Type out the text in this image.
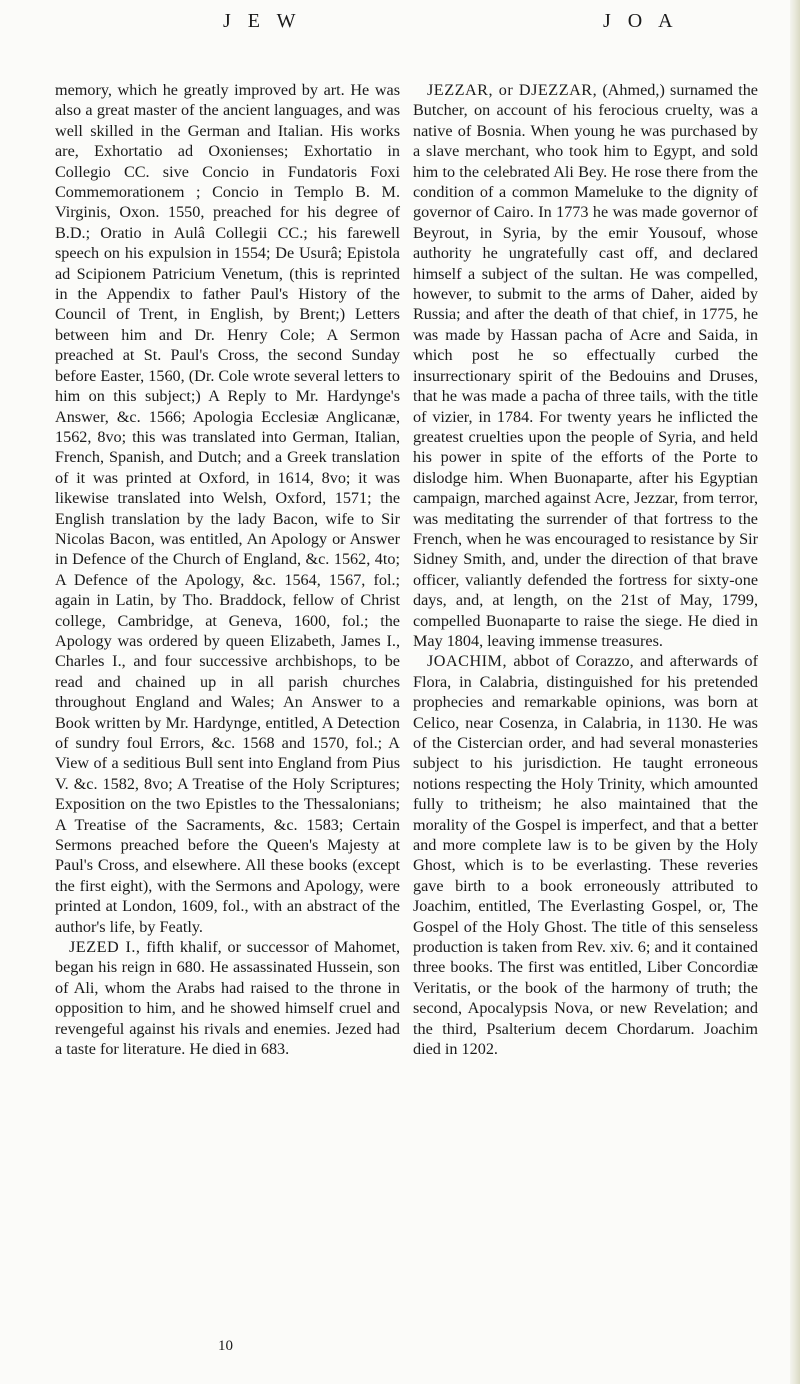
J E W	J O A

memory, which he greatly improved by art. He was also a great master of the ancient languages, and was well skilled in the German and Italian. His works are, Exhortatio ad Oxonienses; Exhortatio in Collegio CC. sive Concio in Fundatoris Foxi Commemorationem ; Concio in Templo B. M. Virginis, Oxon. 1550, preached for his degree of B.D.; Oratio in Aulâ Collegii CC.; his farewell speech on his expulsion in 1554; De Usurâ; Epistola ad Scipionem Patricium Venetum, (this is reprinted in the Appendix to father Paul's History of the Council of Trent, in English, by Brent;) Letters between him and Dr. Henry Cole; A Sermon preached at St. Paul's Cross, the second Sunday before Easter, 1560, (Dr. Cole wrote several letters to him on this subject;) A Reply to Mr. Hardynge's Answer, &c. 1566; Apologia Ecclesiæ Anglicanæ, 1562, 8vo; this was translated into German, Italian, French, Spanish, and Dutch; and a Greek translation of it was printed at Oxford, in 1614, 8vo; it was likewise translated into Welsh, Oxford, 1571; the English translation by the lady Bacon, wife to Sir Nicolas Bacon, was entitled, An Apology or Answer in Defence of the Church of England, &c. 1562, 4to; A Defence of the Apology, &c. 1564, 1567, fol.; again in Latin, by Tho. Braddock, fellow of Christ college, Cambridge, at Geneva, 1600, fol.; the Apology was ordered by queen Elizabeth, James I., Charles I., and four successive archbishops, to be read and chained up in all parish churches throughout England and Wales; An Answer to a Book written by Mr. Hardynge, entitled, A Detection of sundry foul Errors, &c. 1568 and 1570, fol.; A View of a seditious Bull sent into England from Pius V. &c. 1582, 8vo; A Treatise of the Holy Scriptures; Exposition on the two Epistles to the Thessalonians; A Treatise of the Sacraments, &c. 1583; Certain Sermons preached before the Queen's Majesty at Paul's Cross, and elsewhere. All these books (except the first eight), with the Sermons and Apology, were printed at London, 1609, fol., with an abstract of the author's life, by Featly.

JEZED I., fifth khalif, or successor of Mahomet, began his reign in 680. He assassinated Hussein, son of Ali, whom the Arabs had raised to the throne in opposition to him, and he showed himself cruel and revengeful against his rivals and enemies. Jezed had a taste for literature. He died in 683.

JEZZAR, or DJEZZAR, (Ahmed,) surnamed the Butcher, on account of his ferocious cruelty, was a native of Bosnia. When young he was purchased by a slave merchant, who took him to Egypt, and sold him to the celebrated Ali Bey. He rose there from the condition of a common Mameluke to the dignity of governor of Cairo. In 1773 he was made governor of Beyrout, in Syria, by the emir Yousouf, whose authority he ungratefully cast off, and declared himself a subject of the sultan. He was compelled, however, to submit to the arms of Daher, aided by Russia; and after the death of that chief, in 1775, he was made by Hassan pacha of Acre and Saida, in which post he so effectually curbed the insurrectionary spirit of the Bedouins and Druses, that he was made a pacha of three tails, with the title of vizier, in 1784. For twenty years he inflicted the greatest cruelties upon the people of Syria, and held his power in spite of the efforts of the Porte to dislodge him. When Buonaparte, after his Egyptian campaign, marched against Acre, Jezzar, from terror, was meditating the surrender of that fortress to the French, when he was encouraged to resistance by Sir Sidney Smith, and, under the direction of that brave officer, valiantly defended the fortress for sixty-one days, and, at length, on the 21st of May, 1799, compelled Buonaparte to raise the siege. He died in May 1804, leaving immense treasures.

JOACHIM, abbot of Corazzo, and afterwards of Flora, in Calabria, distinguished for his pretended prophecies and remarkable opinions, was born at Celico, near Cosenza, in Calabria, in 1130. He was of the Cistercian order, and had several monasteries subject to his jurisdiction. He taught erroneous notions respecting the Holy Trinity, which amounted fully to tritheism; he also maintained that the morality of the Gospel is imperfect, and that a better and more complete law is to be given by the Holy Ghost, which is to be everlasting. These reveries gave birth to a book erroneously attributed to Joachim, entitled, The Everlasting Gospel, or, The Gospel of the Holy Ghost. The title of this senseless production is taken from Rev. xiv. 6; and it contained three books. The first was entitled, Liber Concordiæ Veritatis, or the book of the harmony of truth; the second, Apocalypsis Nova, or new Revelation; and the third, Psalterium decem Chordarum. Joachim died in 1202.

10
